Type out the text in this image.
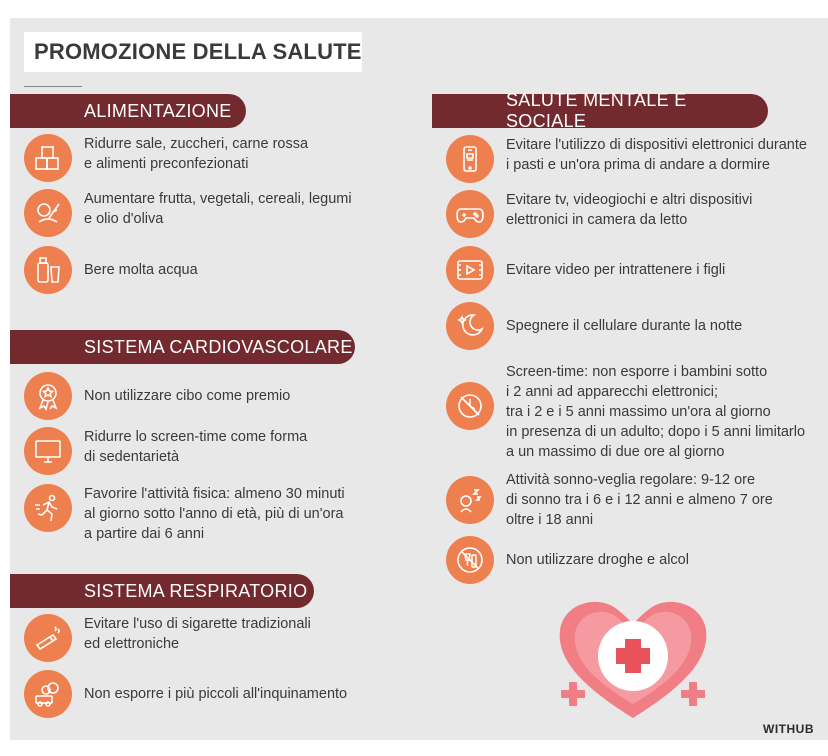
PROMOZIONE DELLA SALUTE
ALIMENTAZIONE
Ridurre sale, zuccheri, carne rossa
e alimenti preconfezionati
Aumentare frutta, vegetali, cereali, legumi
e olio d'oliva
Bere molta acqua
SISTEMA CARDIOVASCOLARE
Non utilizzare cibo come premio
Ridurre lo screen-time come forma
di sedentarietà
Favorire l'attività fisica: almeno 30 minuti
al giorno sotto l'anno di età, più di un'ora
a partire dai 6 anni
SISTEMA RESPIRATORIO
Evitare l'uso di sigarette tradizionali
ed elettroniche
Non esporre i più piccoli all'inquinamento
SALUTE MENTALE E SOCIALE
Evitare l'utilizzo di dispositivi elettronici durante
i pasti e un'ora prima di andare a dormire
Evitare tv, videogiochi e altri dispositivi
elettronici in camera da letto
Evitare video per intrattenere i figli
Spegnere il cellulare durante la notte
Screen-time: non esporre i bambini sotto
i 2 anni ad apparecchi elettronici;
tra i 2 e i 5 anni massimo un'ora al giorno
in presenza di un adulto; dopo i 5 anni limitarlo
a un massimo di due ore al giorno
Attività sonno-veglia regolare: 9-12 ore
di sonno tra i 6 e i 12 anni e almeno 7 ore
oltre i 18 anni
Non utilizzare droghe e alcol
WITHUB
